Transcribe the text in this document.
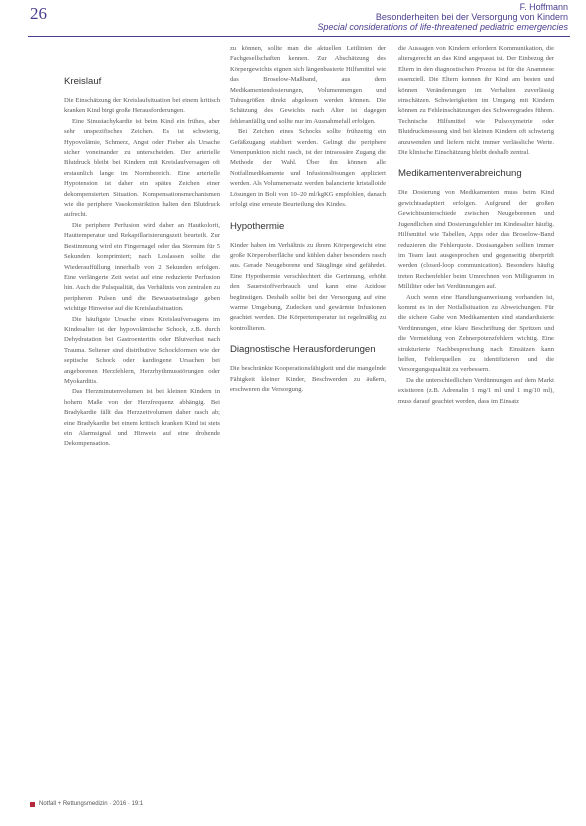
26	F. Hoffmann
Besonderheiten bei der Versorgung von Kindern
Special considerations of life-threatened pediatric emergencies
Kreislauf

Die Einschätzung der Kreislaufsituation bei einem kritisch kranken Kind birgt große Herausforderungen.

Eine Sinustachykardie ist beim Kind ein frühes, aber sehr unspezifisches Zeichen. Es ist schwierig, Hypovolämie, Schmerz, Angst oder Fieber als Ursache sicher voneinander zu unterscheiden. Der arterielle Blutdruck bleibt bei Kindern mit Kreislaufversagen oft erstaunlich lange im Normbereich. Eine arterielle Hypotension ist daher ein spätes Zeichen einer dekompensierten Situation. Kompensationsmechanismen wie die periphere Vasokonstriktion halten den Blutdruck aufrecht.

Die periphere Perfusion wird daher an Hautkolorit, Hauttemperatur und Rekapillarisierungszeit beurteilt. Zur Bestimmung wird ein Fingernagel oder das Sternum für 5 Sekunden komprimiert; nach Loslassen sollte die Wiederauffüllung innerhalb von 2 Sekunden erfolgen. Eine verlängerte Zeit weist auf eine reduzierte Perfusion hin. Auch die Pulsqualität, das Verhältnis von zentralen zu peripheren Pulsen und die Bewusstseinslage geben wichtige Hinweise auf die Kreislaufsituation.

Die häufigste Ursache eines Kreislaufversagens im Kindesalter ist der hypovolämische Schock, z.B. durch Dehydratation bei Gastroenteritis oder Blutverlust nach Trauma. Seltener sind distributive Schockformen wie der septische Schock oder kardiogene Ursachen bei angeborenen Herzfehlern, Herzrhythmusstörungen oder Myokarditis.

Das Herzminutenvolumen ist bei kleinen Kindern in hohem Maße von der Herzfrequenz abhängig. Bei Bradykardie fällt das Herzzeitvolumen daher rasch ab; eine Bradykardie bei einem kritisch kranken Kind ist stets ein Alarmsignal und Hinweis auf eine drohende Dekompensation.

zu können, sollte man die aktuellen Leitlinien der Fachgesellschaften kennen. Zur Abschätzung des Körpergewichts eignen sich längenbasierte Hilfsmittel wie das Broselow-Maßband, aus dem Medikamentendosierungen, Volumenmengen und Tubusgrößen direkt abgelesen werden können. Die Schätzung des Gewichts nach Alter ist dagegen fehleranfällig und sollte nur im Ausnahmefall erfolgen.

Bei Zeichen eines Schocks sollte frühzeitig ein Gefäßzugang etabliert werden. Gelingt die periphere Venenpunktion nicht rasch, ist der intraossäre Zugang die Methode der Wahl. Über ihn können alle Notfallmedikamente und Infusionslösungen appliziert werden. Als Volumenersatz werden balancierte kristalloide Lösungen in Boli von 10–20 ml/kgKG empfohlen, danach erfolgt eine erneute Beurteilung des Kindes.

Hypothermie

Kinder haben im Verhältnis zu ihrem Körpergewicht eine große Körperoberfläche und kühlen daher besonders rasch aus. Gerade Neugeborene und Säuglinge sind gefährdet. Eine Hypothermie verschlechtert die Gerinnung, erhöht den Sauerstoffverbrauch und kann eine Azidose begünstigen. Deshalb sollte bei der Versorgung auf eine warme Umgebung, Zudecken und gewärmte Infusionen geachtet werden. Die Körpertemperatur ist regelmäßig zu kontrollieren.

Diagnostische Herausforderungen

Die beschränkte Kooperationsfähigkeit und die mangelnde Fähigkeit kleiner Kinder, Beschwerden zu äußern, erschweren die Versorgung.

die Aussagen von Kindern erfordern Kommunikation, die altersgerecht an das Kind angepasst ist. Der Einbezug der Eltern in den diagnostischen Prozess ist für die Anamnese essenziell. Die Eltern kennen ihr Kind am besten und können Veränderungen im Verhalten zuverlässig einschätzen. Schwierigkeiten im Umgang mit Kindern können zu Fehleinschätzungen des Schweregrades führen. Technische Hilfsmittel wie Pulsoxymetrie oder Blutdruckmessung sind bei kleinen Kindern oft schwierig anzuwenden und liefern nicht immer verlässliche Werte. Die klinische Einschätzung bleibt deshalb zentral.

Medikamentenverabreichung

Die Dosierung von Medikamenten muss beim Kind gewichtsadaptiert erfolgen. Aufgrund der großen Gewichtsunterschiede zwischen Neugeborenen und Jugendlichen sind Dosierungsfehler im Kindesalter häufig. Hilfsmittel wie Tabellen, Apps oder das Broselow-Band reduzieren die Fehlerquote. Dosisangaben sollten immer im Team laut ausgesprochen und gegenseitig überprüft werden (closed-loop communication). Besonders häufig treten Rechenfehler beim Umrechnen von Milligramm in Milliliter oder bei Verdünnungen auf.

Auch wenn eine Handlungsanweisung vorhanden ist, kommt es in der Notfallsituation zu Abweichungen. Für die sichere Gabe von Medikamenten sind standardisierte Verdünnungen, eine klare Beschriftung der Spritzen und die Vermeidung von Zehnerpotenzfehlern wichtig. Eine strukturierte Nachbesprechung nach Einsätzen kann helfen, Fehlerquellen zu identifizieren und die Versorgungsqualität zu verbessern.

Da die unterschiedlichen Verdünnungen auf dem Markt existieren (z.B. Adrenalin 1 mg/1 ml und 1 mg/10 ml), muss darauf geachtet werden, dass im Einsatz

Notfall + Rettungsmedizin · 2016 · 19:1
